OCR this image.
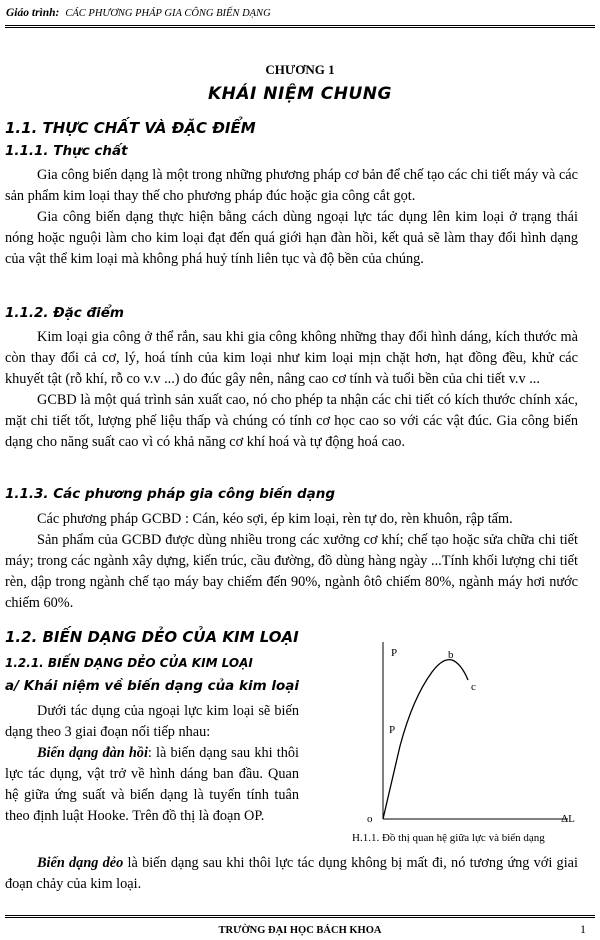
Giáo trình: CÁC PHƯƠNG PHÁP GIA CÔNG BIẾN DẠNG
CHƯƠNG 1
KHÁI NIỆM CHUNG
1.1. THỰC CHẤT VÀ ĐẶC ĐIỂM
1.1.1. Thực chất

Gia công biến dạng là một trong những phương pháp cơ bản để chế tạo các chi tiết máy và các sản phẩm kim loại thay thế cho phương pháp đúc hoặc gia công cắt gọt.

Gia công biến dạng thực hiện bằng cách dùng ngoại lực tác dụng lên kim loại ở trạng thái nóng hoặc nguội làm cho kim loại đạt đến quá giới hạn đàn hồi, kết quả sẽ làm thay đổi hình dạng của vật thể kim loại mà không phá huỷ tính liên tục và độ bền của chúng.

1.1.2. Đặc điểm

Kim loại gia công ở thể rắn, sau khi gia công không những thay đổi hình dáng, kích thước mà còn thay đổi cả cơ, lý, hoá tính của kim loại như kim loại mịn chặt hơn, hạt đồng đều, khử các khuyết tật (rỗ khí, rỗ co v.v ...) do đúc gây nên, nâng cao cơ tính và tuổi bền của chi tiết v.v ...

GCBD là một quá trình sản xuất cao, nó cho phép ta nhận các chi tiết có kích thước chính xác, mặt chi tiết tốt, lượng phế liệu thấp và chúng có tính cơ học cao so với các vật đúc. Gia công biến dạng cho năng suất cao vì có khả năng cơ khí hoá và tự động hoá cao.

1.1.3. Các phương pháp gia công biến dạng

Các phương pháp GCBD : Cán, kéo sợi, ép kim loại, rèn tự do, rèn khuôn, rập tấm.

Sản phẩm của GCBD được dùng nhiều trong các xưởng cơ khí; chế tạo hoặc sửa chữa chi tiết máy; trong các ngành xây dựng, kiến trúc, cầu đường, đồ dùng hàng ngày ...Tính khối lượng chi tiết rèn, dập trong ngành chế tạo máy bay chiếm đến 90%, ngành ôtô chiếm 80%, ngành máy hơi nước chiếm 60%.

1.2. BIẾN DẠNG DẺO CỦA KIM LOẠI
1.2.1. BIẾN DẠNG DẺO CỦA KIM LOẠI
a/ Khái niệm về biến dạng của kim loại

Dưới tác dụng của ngoại lực kim loại sẽ biến dạng theo 3 giai đoạn nối tiếp nhau:

Biến dạng đàn hồi: là biến dạng sau khi thôi lực tác dụng, vật trở về hình dáng ban đầu. Quan hệ giữa ứng suất và biến dạng là tuyến tính tuân theo định luật Hooke. Trên đồ thị là đoạn OP.

Biến dạng dẻo là biến dạng sau khi thôi lực tác dụng không bị mất đi, nó tương ứng với giai đoạn chảy của kim loại.

P
P
b
c
o	ΔL
H.1.1. Đồ thị quan hệ giữa lực và biến dạng
TRƯỜNG ĐẠI HỌC BÁCH KHOA	1
